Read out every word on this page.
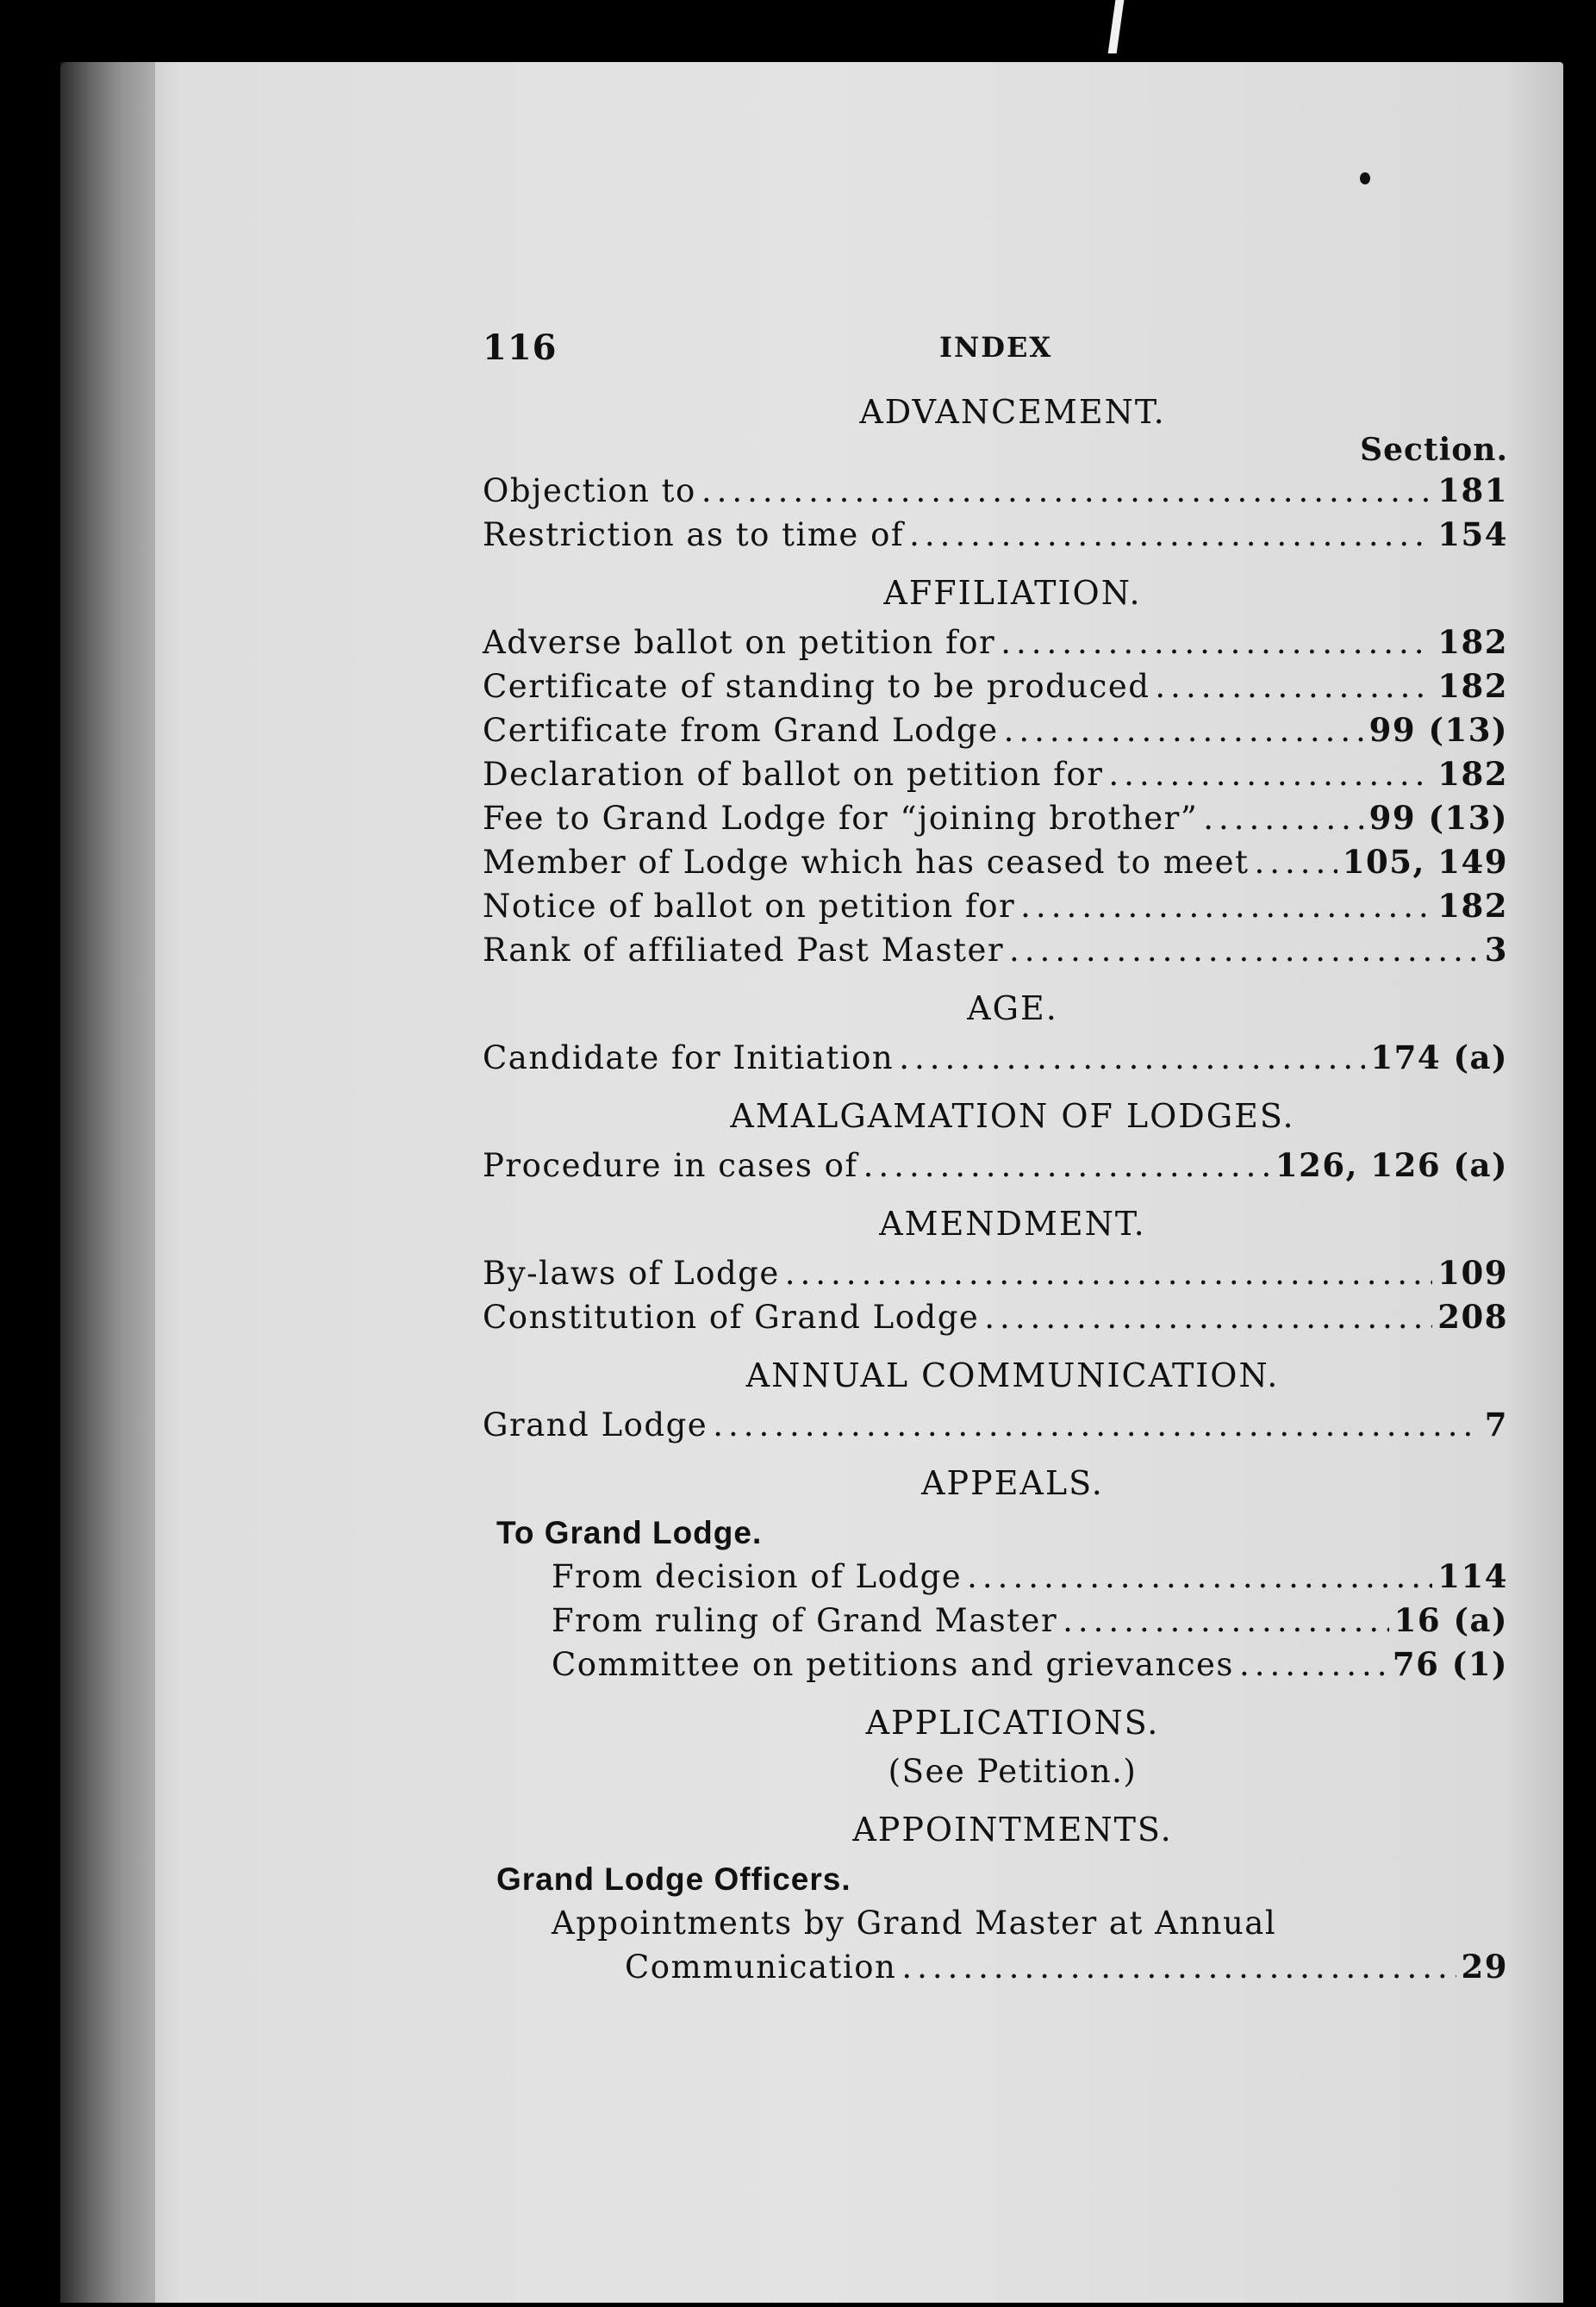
116	INDEX
ADVANCEMENT.
Section.
Objection to .....	181
Restriction as to time of .....	154
AFFILIATION.
Adverse ballot on petition for .....	182
Certificate of standing to be produced .....	182
Certificate from Grand Lodge .....	99 (13)
Declaration of ballot on petition for .....	182
Fee to Grand Lodge for “joining brother” .....	99 (13)
Member of Lodge which has ceased to meet .....	105, 149
Notice of ballot on petition for .....	182
Rank of affiliated Past Master .....	3
AGE.
Candidate for Initiation .....	174 (a)
AMALGAMATION OF LODGES.
Procedure in cases of .....	126, 126 (a)
AMENDMENT.
By-laws of Lodge .....	109
Constitution of Grand Lodge .....	208
ANNUAL COMMUNICATION.
Grand Lodge .....	7
APPEALS.
To Grand Lodge.
From decision of Lodge .....	114
From ruling of Grand Master .....	16 (a)
Committee on petitions and grievances .....	76 (1)
APPLICATIONS.
(See Petition.)
APPOINTMENTS.
Grand Lodge Officers.
Appointments by Grand Master at Annual
Communication .....	29
